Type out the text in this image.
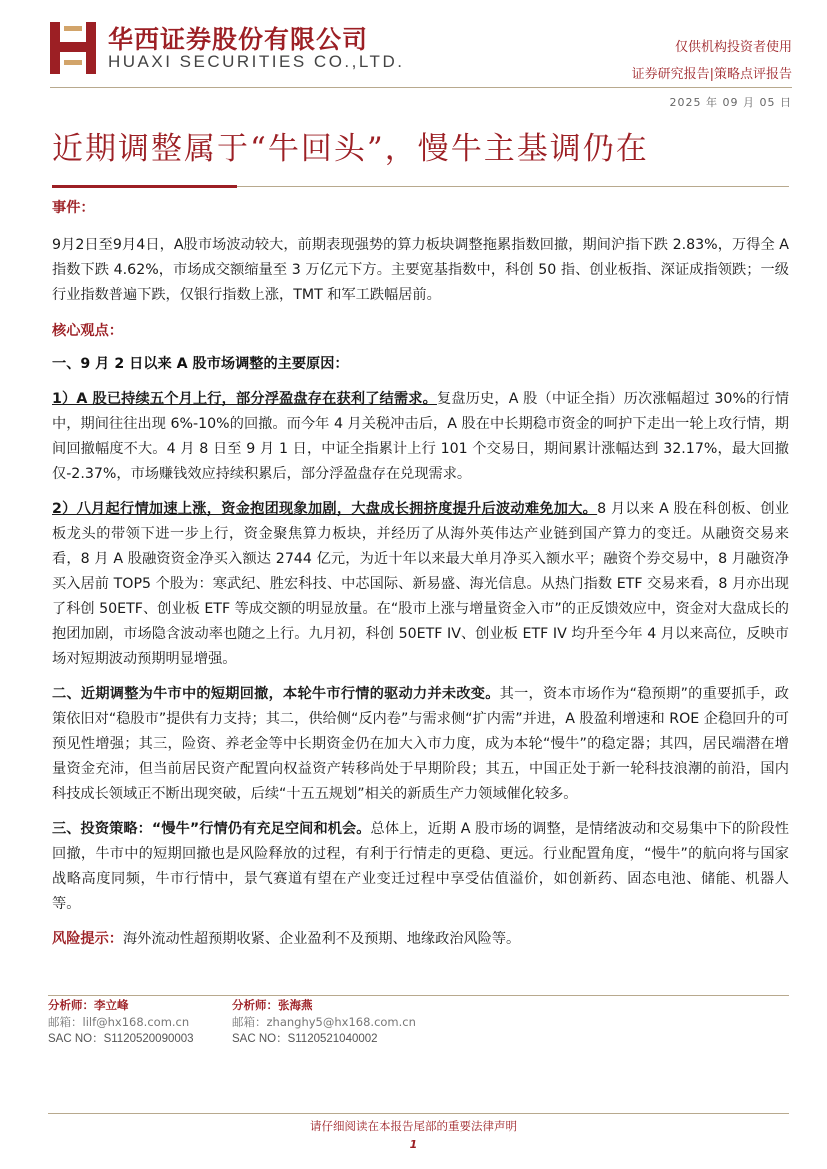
华西证券股份有限公司
HUAXI SECURITIES CO.,LTD.
仅供机构投资者使用
证券研究报告|策略点评报告
2025 年 09 月 05 日
近期调整属于“牛回头”，慢牛主基调仍在

事件：

9月2日至9月4日，A股市场波动较大，前期表现强势的算力板块调整拖累指数回撤，期间沪指下跌 2.83%，万得全 A 指数下跌 4.62%，市场成交额缩量至 3 万亿元下方。主要宽基指数中，科创 50 指、创业板指、深证成指领跌；一级行业指数普遍下跌，仅银行指数上涨，TMT 和军工跌幅居前。

核心观点：

一、9 月 2 日以来 A 股市场调整的主要原因：

1）A 股已持续五个月上行，部分浮盈盘存在获利了结需求。复盘历史，A 股（中证全指）历次涨幅超过 30%的行情中，期间往往出现 6%-10%的回撤。而今年 4 月关税冲击后，A 股在中长期稳市资金的呵护下走出一轮上攻行情，期间回撤幅度不大。4 月 8 日至 9 月 1 日，中证全指累计上行 101 个交易日，期间累计涨幅达到 32.17%，最大回撤仅-2.37%，市场赚钱效应持续积累后，部分浮盈盘存在兑现需求。

2）八月起行情加速上涨，资金抱团现象加剧，大盘成长拥挤度提升后波动难免加大。8 月以来 A 股在科创板、创业板龙头的带领下进一步上行，资金聚焦算力板块，并经历了从海外英伟达产业链到国产算力的变迁。从融资交易来看，8 月 A 股融资资金净买入额达 2744 亿元，为近十年以来最大单月净买入额水平；融资个券交易中，8 月融资净买入居前 TOP5 个股为：寒武纪、胜宏科技、中芯国际、新易盛、海光信息。从热门指数 ETF 交易来看，8 月亦出现了科创 50ETF、创业板 ETF 等成交额的明显放量。在“股市上涨与增量资金入市”的正反馈效应中，资金对大盘成长的抱团加剧，市场隐含波动率也随之上行。九月初，科创 50ETF IV、创业板 ETF IV 均升至今年 4 月以来高位，反映市场对短期波动预期明显增强。

二、近期调整为牛市中的短期回撤，本轮牛市行情的驱动力并未改变。其一，资本市场作为“稳预期”的重要抓手，政策依旧对“稳股市”提供有力支持；其二，供给侧“反内卷”与需求侧“扩内需”并进，A 股盈利增速和 ROE 企稳回升的可预见性增强；其三，险资、养老金等中长期资金仍在加大入市力度，成为本轮“慢牛”的稳定器；其四，居民端潜在增量资金充沛，但当前居民资产配置向权益资产转移尚处于早期阶段；其五，中国正处于新一轮科技浪潮的前沿，国内科技成长领域正不断出现突破，后续“十五五规划”相关的新质生产力领域催化较多。

三、投资策略：“慢牛”行情仍有充足空间和机会。总体上，近期 A 股市场的调整，是情绪波动和交易集中下的阶段性回撤，牛市中的短期回撤也是风险释放的过程，有利于行情走的更稳、更远。行业配置角度，“慢牛”的航向将与国家战略高度同频，牛市行情中，景气赛道有望在产业变迁过程中享受估值溢价，如创新药、固态电池、储能、机器人等。

风险提示：海外流动性超预期收紧、企业盈利不及预期、地缘政治风险等。

分析师：李立峰
邮箱：lilf@hx168.com.cn
SAC NO：S1120520090003
分析师：张海燕
邮箱：zhanghy5@hx168.com.cn
SAC NO：S1120521040002
请仔细阅读在本报告尾部的重要法律声明
1
